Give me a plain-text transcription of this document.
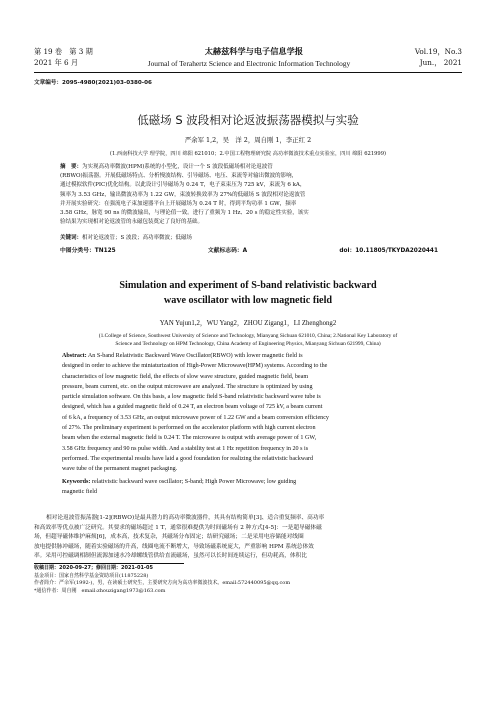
第 19 卷　第 3 期	太赫兹科学与电子信息学报	Vol.19，No.3
2021 年 6 月	Journal of Terahertz Science and Electronic Information Technology	Jun.， 2021
文章编号：2095-4980(2021)03-0380-06
低磁场 S 波段相对论返波振荡器模拟与实验
严余军 1,2，吴　洋 2，周自刚 1，李正红 2
(1.西南科技大学 理学院，四川 绵阳 621010；2.中国工程物理研究院 高功率微波技术重点实验室，四川 绵阳 621999)
摘　要：为实现高功率微波(HPM)系统的小型化，设计一个 S 波段低磁场相对论返波管
(RBWO)振荡器。开展低磁场特点、分析慢波结构、引导磁场、电压、束流等对输出微波的影响，
通过模拟软件(PIC)优化结构。以此设计引导磁场为 0.24 T，电子束束压为 725 kV，束流为 6 kA，
频率为 3.53 GHz，输出微波功率为 1.22 GW，束波转换效率为 27%的低磁场 S 波段相对论返波管
并开展实验研究：在强流电子束加速器平台上开展磁场为 0.24 T 时，得到平均功率 1 GW，频率
3.58 GHz，脉宽 90 ns 的微波输出，与理论值一致。进行了重频为 1 Hz、20 s 的稳定性实验，该实
验结果为实现相对论返波管的永磁包装奠定了良好的基础。
关键词：相对论返波管；S 波段；高功率微波；低磁场
中图分类号：TN125	文献标志码：A	doi：10.11805/TKYDA2020441
Simulation and experiment of S-band relativistic backward
wave oscillator with low magnetic field
YAN Yujun1,2，WU Yang2，ZHOU Zigang1，LI Zhenghong2
(1.College of Science, Southwest University of Science and Technology, Mianyang Sichuan 621010, China; 2.National Key Laboratory of
Science and Technology on HPM Technology, China Academy of Engineering Physics, Mianyang Sichuan 621999, China)
Abstract: An S-band Relativistic Backward Wave Oscillator(RBWO) with lower magnetic field is
designed in order to achieve the miniaturization of High-Power Microwave(HPM) systems. According to the
characteristics of low magnetic field, the effects of slow wave structure, guided magnetic field, beam
pressure, beam current, etc. on the output microwave are analyzed. The structure is optimized by using
particle simulation software. On this basis, a low magnetic field S-band relativistic backward wave tube is
designed, which has a guided magnetic field of 0.24 T, an electron beam voltage of 725 kV, a beam current
of 6 kA, a frequency of 3.53 GHz, an output microwave power of 1.22 GW and a beam conversion efficiency
of 27%. The preliminary experiment is performed on the accelerator platform with high current electron
beam when the external magnetic field is 0.24 T. The microwave is output with average power of 1 GW,
3.58 GHz frequency and 90 ns pulse width. And a stability test at 1 Hz repetition frequency in 20 s is
performed. The experimental results have laid a good foundation for realizing the relativistic backward
wave tube of the permanent magnet packaging.
Keywords: relativistic backward wave oscillator; S-band; High Power Microwave; low guiding
magnetic field
相对论返波管振荡器[1-2](RBWO)是最具潜力的高功率微波器件，其具有结构简单[3]、适合重复频率、高功率
和高效率等优点被广泛研究。其要求的磁场超过 1 T，通常很难提供为时间磁场有 2 种方式[4-5]：一是超导磁体磁
场，但超导磁体维护麻烦[6]，成本高，技术复杂，其磁场分布固定；结研究磁场；二是采用电容储能对线圈
放电提供脉冲磁场，随着实验磁场的升高，线圈电流不断增大，导致场磁系统庞大，严重影响 HPM 系统总体效
率。采用可控磁调相制但流源加速水冷却螺线管供给直流磁场，虽然可以长时间连续运行，但功耗高，体积比
收稿日期：2020-09-27；修回日期：2021-01-05
基金项目：国家自然科学基金资助项目(11875228)
作者简介：严余军(1992-)，男，在读硕士研究生，主要研究方向为高功率微波技术。email:572440095@qq.com
*通信作者：周自刚　email:zhouzigang1973@163.com
